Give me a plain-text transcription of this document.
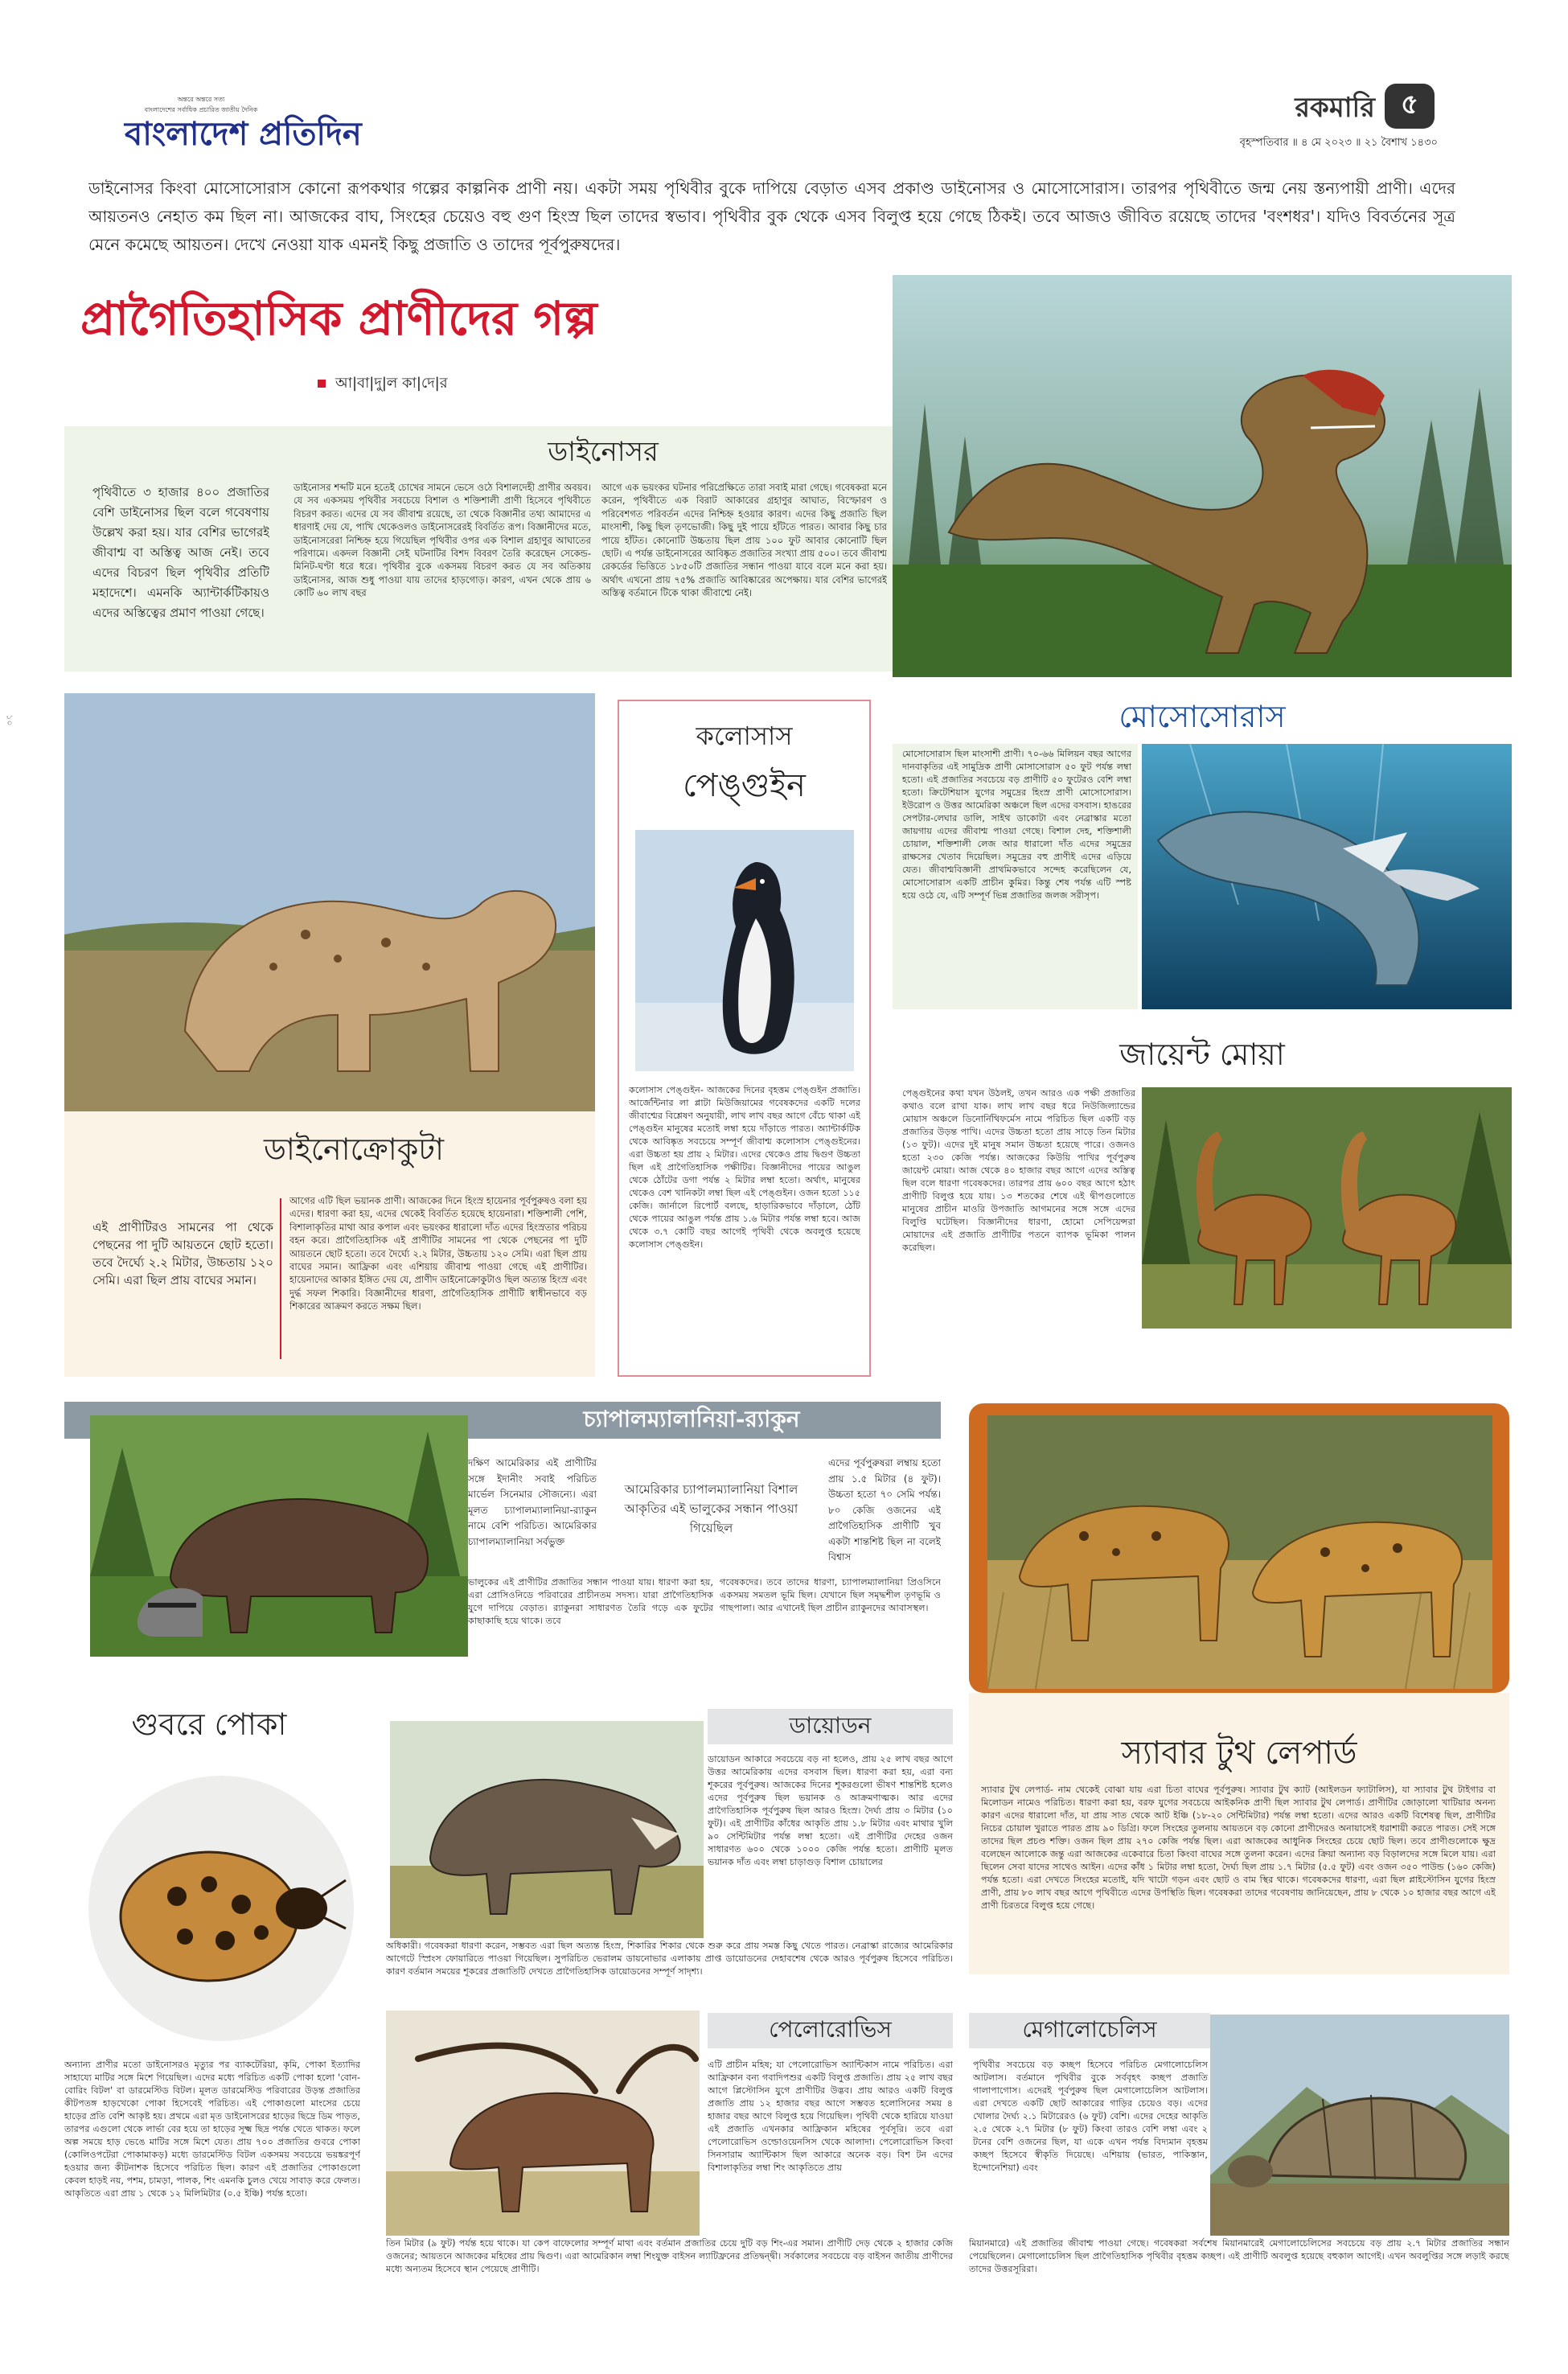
অন্তরে অন্তরে সত্য
বাংলাদেশের সর্বাধিক প্রচারিত জাতীয় দৈনিক
বাংলাদেশ প্রতিদিন
রকমারি ৫
বৃহস্পতিবার ॥ ৪ মে ২০২৩ ॥ ২১ বৈশাখ ১৪৩০
১০
ডাইনোসর কিংবা মোসোসোরাস কোনো রূপকথার গল্পের কাল্পনিক প্রাণী নয়। একটা সময় পৃথিবীর বুকে দাপিয়ে বেড়াত এসব প্রকাণ্ড ডাইনোসর ও মোসোসোরাস। তারপর পৃথিবীতে জন্ম নেয় স্তন্যপায়ী প্রাণী। এদের আয়তনও নেহাত কম ছিল না। আজকের বাঘ, সিংহের চেয়েও বহু গুণ হিংস্র ছিল তাদের স্বভাব। পৃথিবীর বুক থেকে এসব বিলুপ্ত হয়ে গেছে ঠিকই। তবে আজও জীবিত রয়েছে তাদের 'বংশধর'। যদিও বিবর্তনের সূত্র মেনে কমেছে আয়তন। দেখে নেওয়া যাক এমনই কিছু প্রজাতি ও তাদের পূর্বপুরুষদের।
প্রাগৈতিহাসিক প্রাণীদের গল্প
আ|বা|দু|ল কা|দে|র
ডাইনোসর
পৃথিবীতে ৩ হাজার ৪০০ প্রজাতির বেশি ডাইনোসর ছিল বলে গবেষণায় উল্লেখ করা হয়। যার বেশির ভাগেরই জীবাশ্ম বা অস্তিত্ব আজ নেই। তবে এদের বিচরণ ছিল পৃথিবীর প্রতিটি মহাদেশে। এমনকি অ্যান্টার্কটিকায়ও এদের অস্তিত্বের প্রমাণ পাওয়া গেছে।
ডাইনোসর শব্দটি মনে হতেই চোখের সামনে ভেসে ওঠে বিশালদেহী প্রাণীর অবয়ব। যে সব একসময় পৃথিবীর সবচেয়ে বিশাল ও শক্তিশালী প্রাণী হিসেবে পৃথিবীতে বিচরণ করত। এদের যে সব জীবাশ্ম রয়েছে, তা থেকে বিজ্ঞানীর তথ্য আমাদের এ ধারণাই দেয় যে, পাখি থেকেওলও ডাইনোসরেরই বিবর্তিত রূপ। বিজ্ঞানীদের মতে, ডাইনোসরেরা নিশ্চিহ্ন হয়ে গিয়েছিল পৃথিবীর ওপর এক বিশাল গ্রহাণুর আঘাতের পরিণামে। একদল বিজ্ঞানী সেই ঘটনাটির বিশদ বিবরণ তৈরি করেছেন সেকেন্ড-মিনিট-ঘণ্টা ধরে ধরে। পৃথিবীর বুকে একসময় বিচরণ করত যে সব অতিকায় ডাইনোসর, আজ শুধু পাওয়া যায় তাদের হাড়গোড়। কারণ, এখন থেকে প্রায় ৬ কোটি ৬০ লাখ বছর
আগে এক ভয়ংকর ঘটনার পরিপ্রেক্ষিতে তারা সবাই মারা গেছে। গবেষকরা মনে করেন, পৃথিবীতে এক বিরাট আকারের গ্রহাণুর আঘাত, বিস্ফোরণ ও পরিবেশগত পরিবর্তন এদের নিশ্চিহ্ন হওয়ার কারণ। এদের কিছু প্রজাতি ছিল মাংসাশী, কিছু ছিল তৃণভোজী। কিছু দুই পায়ে হাঁটতে পারত। আবার কিছু চার পায়ে হাঁটত। কোনোটি উচ্চতায় ছিল প্রায় ১০০ ফুট আবার কোনোটি ছিল ছোট। এ পর্যন্ত ডাইনোসরের আবিষ্কৃত প্রজাতির সংখ্যা প্রায় ৫০০। তবে জীবাশ্ম রেকর্ডের ভিত্তিতে ১৮৫০টি প্রজাতির সন্ধান পাওয়া যাবে বলে মনে করা হয়। অর্থাৎ এখনো প্রায় ৭৫% প্রজাতি আবিষ্কারের অপেক্ষায়। যার বেশির ভাগেরই অস্তিত্ব বর্তমানে টিকে থাকা জীবাশ্মে নেই।
ডাইনোক্রোকুটা
এই প্রাণীটিরও সামনের পা থেকে পেছনের পা দুটি আয়তনে ছোট হতো। তবে দৈর্ঘ্যে ২.২ মিটার, উচ্চতায় ১২০ সেমি। এরা ছিল প্রায় বাঘের সমান।
আগের এটি ছিল ভয়ানক প্রাণী। আজকের দিনে হিংস্র হায়েনার পূর্বপুরুষও বলা হয় এদের। ধারণা করা হয়, এদের থেকেই বিবর্তিত হয়েছে হায়েনারা। শক্তিশালী পেশি, বিশালাকৃতির মাথা আর কপাল এবং ভয়ংকর ধারালো দাঁত এদের হিংস্রতার পরিচয় বহন করে। প্রাগৈতিহাসিক এই প্রাণীটির সামনের পা থেকে পেছনের পা দুটি আয়তনে ছোট হতো। তবে দৈর্ঘ্যে ২.২ মিটার, উচ্চতায় ১২০ সেমি। এরা ছিল প্রায় বাঘের সমান। আফ্রিকা এবং এশিয়ায় জীবাশ্ম পাওয়া গেছে এই প্রাণীটির। হায়েনাদের আকার ইঙ্গিত দেয় যে, প্রাণীদ ডাইনোক্রোকুটাও ছিল অত্যন্ত হিংস্র এবং দুর্দ্ধ সফল শিকারি। বিজ্ঞানীদের ধারণা, প্রাগৈতিহাসিক প্রাণীটি স্বাধীনভাবে বড় শিকারের আক্রমণ করতে সক্ষম ছিল।
কলোসাস
পেঙ্গুইন
কলোসাস পেঙ্গুইন- আজকের দিনের বৃহত্তম পেঙ্গুইন প্রজাতি। আর্জেন্টিনার লা প্লাটা মিউজিয়ামের গবেষকদের একটি দলের জীবাশ্মের বিশ্লেষণ অনুযায়ী, লাখ লাখ বছর আগে বেঁচে থাকা এই পেঙ্গুইন মানুষের মতোই লম্বা হয়ে দাঁড়াতে পারত। অ্যান্টার্কটিক থেকে আবিষ্কৃত সবচেয়ে সম্পূর্ণ জীবাশ্ম কলোসাস পেঙ্গুইনের। এরা উচ্চতা হয় প্রায় ২ মিটার। এদের থেকেও প্রায় দ্বিগুণ উচ্চতা ছিল এই প্রাগৈতিহাসিক পক্ষীটির। বিজ্ঞানীদের পায়ের আঙুল থেকে ঠোঁটের ডগা পর্যন্ত ২ মিটার লম্বা হতো। অর্থাৎ, মানুষের থেকেও বেশ খানিকটা লম্বা ছিল এই পেঙ্গুইন। ওজন হতো ১১৫ কেজি। জার্নালে রিপোর্ট বলছে, হাড়ারিকভাবে দাঁড়ালে, ঠোঁট থেকে পায়ের আঙুল পর্যন্ত প্রায় ১.৬ মিটার পর্যন্ত লম্বা হবে। আজ থেকে ৩.৭ কোটি বছর আগেই পৃথিবী থেকে অবলুপ্ত হয়েছে কলোসাস পেঙ্গুইন।
মোসোসোরাস
মোসোসোরাস ছিল মাংসাশী প্রাণী। ৭০-৬৬ মিলিয়ন বছর আগের দানবাকৃতির এই সামুদ্রিক প্রাণী মোসাসোরাস ৫০ ফুট পর্যন্ত লম্বা হতো। এই প্রজাতির সবচেয়ে বড় প্রাণীটি ৫০ ফুটেরও বেশি লম্বা হতো। ক্রিটেশিয়াস যুগের সমুদ্রের হিংস্র প্রাণী মোসোসোরাস। ইউরোপ ও উত্তর আমেরিকা অঞ্চলে ছিল এদের বসবাস। হাঙরের সেপটার-লেঘার ডালি, সাইথ ডাকোটা এবং নেব্রাস্কার মতো জায়গায় এদের জীবাশ্ম পাওয়া গেছে। বিশাল দেহ, শক্তিশালী চোয়াল, শক্তিশালী লেজ আর ধারালো দাঁত এদের সমুদ্রের রাক্ষসের খেতাব দিয়েছিল। সমুদ্রের বহু প্রাণীই এদের এড়িয়ে যেত। জীবাশ্মবিজ্ঞানী প্রাথমিকভাবে সন্দেহ করেছিলেন যে, মোসোসোরাস একটি প্রাচীন কুমির। কিন্তু শেষ পর্যন্ত এটি স্পষ্ট হয়ে ওঠে যে, এটি সম্পূর্ণ ভিন্ন প্রজাতির জলজ সরীসৃপ।
জায়েন্ট মোয়া
পেঙ্গুইনের কথা যখন উঠলই, তখন আরও এক পক্ষী প্রজাতির কথাও বলে রাখা যাক। লাখ লাখ বছর ধরে নিউজিল্যান্ডের মোয়াস অঞ্চলে ডিনোর্নিথিফর্মেস নামে পরিচিত ছিল একটি বড় প্রজাতির উড়ন্ত পাখি। এদের উচ্চতা হতো প্রায় সাড়ে তিন মিটার (১৩ ফুট)। এদের দুই মানুষ সমান উচ্চতা হয়েছে পারে। ওজনও হতো ২৩০ কেজি পর্যন্ত। আজকের কিউয়ি পাখির পূর্বপুরুষ জায়েন্ট মোয়া। আজ থেকে ৪০ হাজার বছর আগে এদের অস্তিত্ব ছিল বলে ধারণা গবেষকদের। তারপর প্রায় ৬০০ বছর আগে হঠাৎ প্রাণীটি বিলুপ্ত হয়ে যায়। ১৩ শতকের শেষে এই দ্বীপগুলোতে মানুষের প্রাচীন মাওরি উপজাতি আগমনের সঙ্গে সঙ্গে এদের বিলুপ্তি ঘটেছিল। বিজ্ঞানীদের ধারণা, হোমো সেপিয়েন্সরা মোয়াদের এই প্রজাতি প্রাণীটির পতনে ব্যাপক ভূমিকা পালন করেছিল।
চ্যাপালম্যালানিয়া-র‌্যাকুন
দক্ষিণ আমেরিকার এই প্রাণীটির সঙ্গে ইদানীং সবাই পরিচিত মার্ভেল সিনেমার সৌজন্যে। এরা মূলত চ্যাপালম্যালানিয়া-র‌্যাকুন নামে বেশি পরিচিত। আমেরিকার চ্যাপালম্যালানিয়া সর্বভুক্ত
আমেরিকার চ্যাপালম্যালানিয়া বিশাল আকৃতির এই ভালুকের সন্ধান পাওয়া গিয়েছিল
এদের পূর্বপুরুষরা লম্বায় হতো প্রায় ১.৫ মিটার (৪ ফুট)। উচ্চতা হতো ৭০ সেমি পর্যন্ত। ৮০ কেজি ওজনের এই প্রাগৈতিহাসিক প্রাণীটি খুব একটা শান্তশিষ্ট ছিল না বলেই বিশ্বাস
ভালুকের এই প্রাণীটির প্রজাতির সন্ধান পাওয়া যায়। ধারণা করা হয়, এরা প্রোসিওনিডে পরিবারের প্রাচীনতম সদস্য। যারা প্রাগৈতিহাসিক যুগে দাপিয়ে বেড়াত। র‌্যাকুনরা সাধারণত তৈরি গড়ে এক ফুটের কাছাকাছি হয়ে থাকে। তবে
গবেষকদের। তবে তাদের ধারণা, চ্যাপালম্যালানিয়া প্রিওসিনে একসময় সমতল ভূমি ছিল। যেখানে ছিল সমৃদ্ধশীল তৃণভূমি ও গাছপালা। আর এখানেই ছিল প্রাচীন র‌্যাকুনদের আবাসস্থল।
স্যাবার টুথ লেপার্ড
স্যাবার টুথ লেপার্ড- নাম থেকেই বোঝা যায় এরা চিতা বাঘের পূর্বপুরুষ। স্যাবার টুথ ক্যাট (আইলডন ফ্যাটালিস), যা স্যাবার টুথ টাইগার বা মিলোডন নামেও পরিচিত। ধারণা করা হয়, বরফ যুগের সবচেয়ে আইকনিক প্রাণী ছিল স্যাবার টুথ লেপার্ড। প্রাণীটির জোড়ালো খাটিয়ার অনন্য কারণ এদের ধারালো দাঁত, যা প্রায় সাত থেকে আট ইঞ্চি (১৮-২০ সেন্টিমিটার) পর্যন্ত লম্বা হতো। এদের আরও একটি বিশেষত্ব ছিল, প্রাণীটির নিচের চোয়াল খুরাতে পারত প্রায় ৯০ ডিগ্রি। ফলে সিংহের তুলনায় আয়তনে বড় কোনো প্রাণীদেরও অনায়াসেই ধরাশায়ী করতে পারত। সেই সঙ্গে তাদের ছিল প্রচণ্ড শক্তি। ওজন ছিল প্রায় ২৭০ কেজি পর্যন্ত ছিল। এরা আজকের আধুনিক সিংহের চেয়ে ছোট ছিল। তবে প্রাণীগুলোকে ক্ষুদ্র বলেছেন আলোকে জন্তু এরা আজকের একেবারে চিতা কিংবা বাঘের সঙ্গে তুলনা করেন। এদের ক্রিয়া অন্যান্য বড় বিড়ালদের সঙ্গে মিলে যায়। এরা ছিলেন সেবা যাদের সাথেও আইন। এদের কাঁধ ১ মিটার লম্বা হতো, দৈর্ঘ্য ছিল প্রায় ১.৭ মিটার (৫.৫ ফুট) এবং ওজন ৩৫০ পাউন্ড (১৬০ কেজি) পর্যন্ত হতো। এরা দেখতে সিংহের মতোই, যদি খাটো গড়ন এবং ছোট ও বাম স্থির থাকে। গবেষকদের ধারণা, এরা ছিল প্লাইস্টোসিন যুগের হিংস্র প্রাণী, প্রায় ৮০ লাখ বছর আগে পৃথিবীতে এদের উপস্থিতি ছিল। গবেষকরা তাদের গবেষণায় জানিয়েছেন, প্রায় ৮ থেকে ১০ হাজার বছর আগে এই প্রাণী চিরতরে বিলুপ্ত হয়ে গেছে।
গুবরে পোকা
অন্যান্য প্রাণীর মতো ডাইনোসরও মৃত্যুর পর ব্যাকটেরিয়া, কৃমি, পোকা ইত্যাদির সাহায্যে মাটির সঙ্গে মিশে গিয়েছিল। এদের মধ্যে পরিচিত একটি পোকা হলো 'বোন-বোরিং বিটল' বা ডারমেস্টিড বিটল। মূলত ডারমেস্টিড পরিবারের উড়ন্ত প্রজাতির কীটপতঙ্গ হাড়খেকো পোকা হিসেবেই পরিচিত। এই পোকাগুলো মাংসের চেয়ে হাড়ের প্রতি বেশি আকৃষ্ট হয়। প্রথমে এরা মৃত ডাইনোসরের হাড়ের ছিদ্রে ডিম পাড়ত, তারপর এগুলো থেকে লার্ভা বের হয়ে তা হাড়ের সূক্ষ্ম ছিদ্র পর্যন্ত খেতে থাকত। ফলে অল্প সময়ে হাড় ভেঙে মাটির সঙ্গে মিশে যেত। প্রায় ৭০০ প্রজাতির গুবরে পোকা (কোলিওপটেরা পোকামাকড়) মধ্যে ডারমেস্টিড বিটল একসময় সবচেয়ে ভয়ঙ্করপূর্ণ হওয়ার জন্য কীটনাশক হিসেবে পরিচিত ছিল। কারণ এই প্রজাতির পোকাগুলো কেবল হাড়ই নয়, পশম, চামড়া, পালক, শিং এমনকি চুলও খেয়ে সাবাড় করে ফেলত। আকৃতিতে এরা প্রায় ১ থেকে ১২ মিলিমিটার (০.৫ ইঞ্চি) পর্যন্ত হতো।
ডায়োডন
ডায়োডন আকারে সবচেয়ে বড় না হলেও, প্রায় ২৫ লাখ বছর আগে উত্তর আমেরিকায় এদের বসবাস ছিল। ধারণা করা হয়, এরা বন্য শূকরের পূর্বপুরুষ। আজকের দিনের শূকরগুলো ভীষণ শান্তশিষ্ট হলেও এদের পূর্বপুরুষ ছিল ভয়ানক ও আক্রমণাত্মক। আর এদের প্রাগৈতিহাসিক পূর্বপুরুষ ছিল আরও হিংস্র। দৈর্ঘ্য প্রায় ৩ মিটার (১০ ফুট)। এই প্রাণীটির কাঁধের আকৃতি প্রায় ১.৮ মিটার এবং মাথার খুলি ৯০ সেন্টিমিটার পর্যন্ত লম্বা হতো। এই প্রাণীটির দেহের ওজন সাধারণত ৬০০ থেকে ১০০০ কেজি পর্যন্ত হতো। প্রাণীটি মূলত ভয়ানক দাঁত এবং লম্বা চাড়াগুড় বিশাল চোয়ালের
অধিকারী। গবেষকরা ধারণা করেন, সম্ভবত এরা ছিল অত্যন্ত হিংস্র, শিকারির শিকার থেকে শুরু করে প্রায় সমস্ত কিছু খেতে পারত। নেব্রাস্কা রাজ্যের আমেরিকার আগেটে স্প্রিংস ফোয়ারিতে পাওয়া গিয়েছিল। সুপরিচিত ভেরালম ডায়নোভার এলাকায় প্রাপ্ত ডায়োডনের দেহাবশেষ থেকে আরও পূর্বপুরুষ হিসেবে পরিচিত। কারণ বর্তমান সময়ের শূকরের প্রজাতিটি দেখতে প্রাগৈতিহাসিক ডায়োডনের সম্পূর্ণ সাদৃশ্য।
পেলোরোভিস
এটি প্রাচীন মহিষ; যা পেলোরোভিস অ্যান্টিকাস নামে পরিচিত। এরা আফ্রিকান বন্য গবাদিপশুর একটি বিলুপ্ত প্রজাতি। প্রায় ২৫ লাখ বছর আগে প্লিস্টোসিন যুগে প্রাণীটির উদ্ভব। প্রায় আরও একটি বিলুপ্ত প্রজাতি প্রায় ১২ হাজার বছর আগে সম্ভবত হলোসিনের সময় ৪ হাজার বছর আগে বিলুপ্ত হয়ে গিয়েছিল। পৃথিবী থেকে হারিয়ে যাওয়া এই প্রজাতি এখনকার আফ্রিকান মহিষের পূর্বসূরি। তবে এরা পেলোরোভিস ওল্ডোওয়েনসিস থেকে আলাদা। পেলোরোভিস কিংবা সিনসারাম অ্যান্টিকাস ছিল আকারে অনেক বড়। বিশ টন এদের বিশালাকৃতির লম্বা শিং আকৃতিতে প্রায়
তিন মিটার (৯ ফুট) পর্যন্ত হয়ে থাকে। যা কেপ বাফেলোর সম্পূর্ণ মাথা এবং বর্তমান প্রজাতির চেয়ে দুটি বড় শিং-এর সমান। প্রাণীটি দেড় থেকে ২ হাজার কেজি ওজনের; আয়তনে আজকের মহিষের প্রায় দ্বিগুণ। এরা আমেরিকান লম্বা শিংযুক্ত বাইসন ল্যাটিফ্রনের প্রতিদ্বন্দ্বী। সর্বকালের সবচেয়ে বড় বাইসন জাতীয় প্রাণীদের মধ্যে অন্যতম হিসেবে স্থান পেয়েছে প্রাণীটি।
মেগালোচেলিস
পৃথিবীর সবচেয়ে বড় কচ্ছপ হিসেবে পরিচিত মেগালোচেলিস আটলাস। বর্তমানে পৃথিবীর বুকে সর্ববৃহৎ কচ্ছপ প্রজাতি গালাপাগোস। এদেরই পূর্বপুরুষ ছিল মেগালোচেলিস আটলাস। এরা দেখতে একটি ছোট আকারের গাড়ির চেয়েও বড়। এদের খোলার দৈর্ঘ্য ২.১ মিটারেরও (৬ ফুট) বেশি। এদের দেহের আকৃতি ২.৫ থেকে ২.৭ মিটার (৮ ফুট) কিংবা তারও বেশি লম্বা এবং ২ টনের বেশি ওজনের ছিল, যা একে এখন পর্যন্ত বিদ্যমান বৃহত্তম কচ্ছপ হিসেবে স্বীকৃতি দিয়েছে। এশিয়ায় (ভারত, পাকিস্তান, ইন্দোনেশিয়া) এবং
মিয়ানমারে) এই প্রজাতির জীবাশ্ম পাওয়া গেছে। গবেষকরা সর্বশেষ মিয়ানমারেই মেগালোচেলিসের সবচেয়ে বড় প্রায় ২.৭ মিটার প্রজাতির সন্ধান পেয়েছিলেন। মেগালোচেলিস ছিল প্রাগৈতিহাসিক পৃথিবীর বৃহত্তম কচ্ছপ। এই প্রাণীটি অবলুপ্ত হয়েছে বহুকাল আগেই। এখন অবলুপ্তির সঙ্গে লড়াই করছে তাদের উত্তরসূরিরা।
